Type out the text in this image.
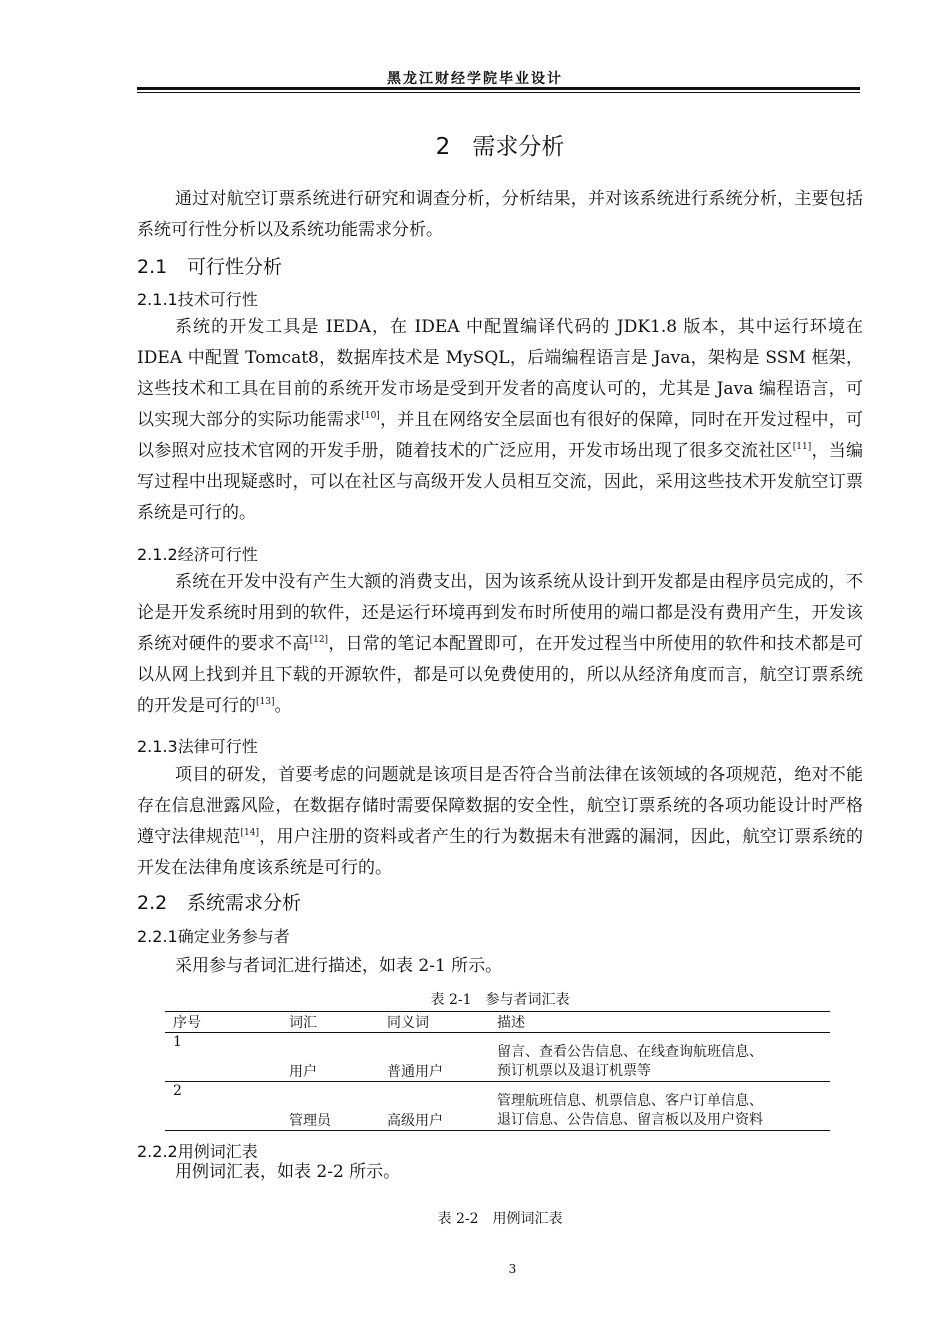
黑龙江财经学院毕业设计
2 需求分析

通过对航空订票系统进行研究和调查分析，分析结果，并对该系统进行系统分析，主要包括系统可行性分析以及系统功能需求分析。

2.1 可行性分析
2.1.1技术可行性

系统的开发工具是 IEDA，在 IDEA 中配置编译代码的 JDK1.8 版本，其中运行环境在 IDEA 中配置 Tomcat8，数据库技术是 MySQL，后端编程语言是 Java，架构是 SSM 框架，这些技术和工具在目前的系统开发市场是受到开发者的高度认可的，尤其是 Java 编程语言，可以实现大部分的实际功能需求[10]，并且在网络安全层面也有很好的保障，同时在开发过程中，可以参照对应技术官网的开发手册，随着技术的广泛应用，开发市场出现了很多交流社区[11]，当编写过程中出现疑惑时，可以在社区与高级开发人员相互交流，因此，采用这些技术开发航空订票系统是可行的。

2.1.2经济可行性

系统在开发中没有产生大额的消费支出，因为该系统从设计到开发都是由程序员完成的，不论是开发系统时用到的软件，还是运行环境再到发布时所使用的端口都是没有费用产生，开发该系统对硬件的要求不高[12]，日常的笔记本配置即可，在开发过程当中所使用的软件和技术都是可以从网上找到并且下载的开源软件，都是可以免费使用的，所以从经济角度而言，航空订票系统的开发是可行的[13]。

2.1.3法律可行性

项目的研发，首要考虑的问题就是该项目是否符合当前法律在该领域的各项规范，绝对不能存在信息泄露风险，在数据存储时需要保障数据的安全性，航空订票系统的各项功能设计时严格遵守法律规范[14]，用户注册的资料或者产生的行为数据未有泄露的漏洞，因此，航空订票系统的开发在法律角度该系统是可行的。

2.2 系统需求分析
2.2.1确定业务参与者

采用参与者词汇进行描述，如表 2-1 所示。

表 2-1 参与者词汇表
序号	词汇	同义词	描述
1	用户	普通用户	留言、查看公告信息、在线查询航班信息、
预订机票以及退订机票等
2	管理员	高级用户	管理航班信息、机票信息、客户订单信息、
退订信息、公告信息、留言板以及用户资料
2.2.2用例词汇表

用例词汇表，如表 2-2 所示。

表 2-2 用例词汇表
3
